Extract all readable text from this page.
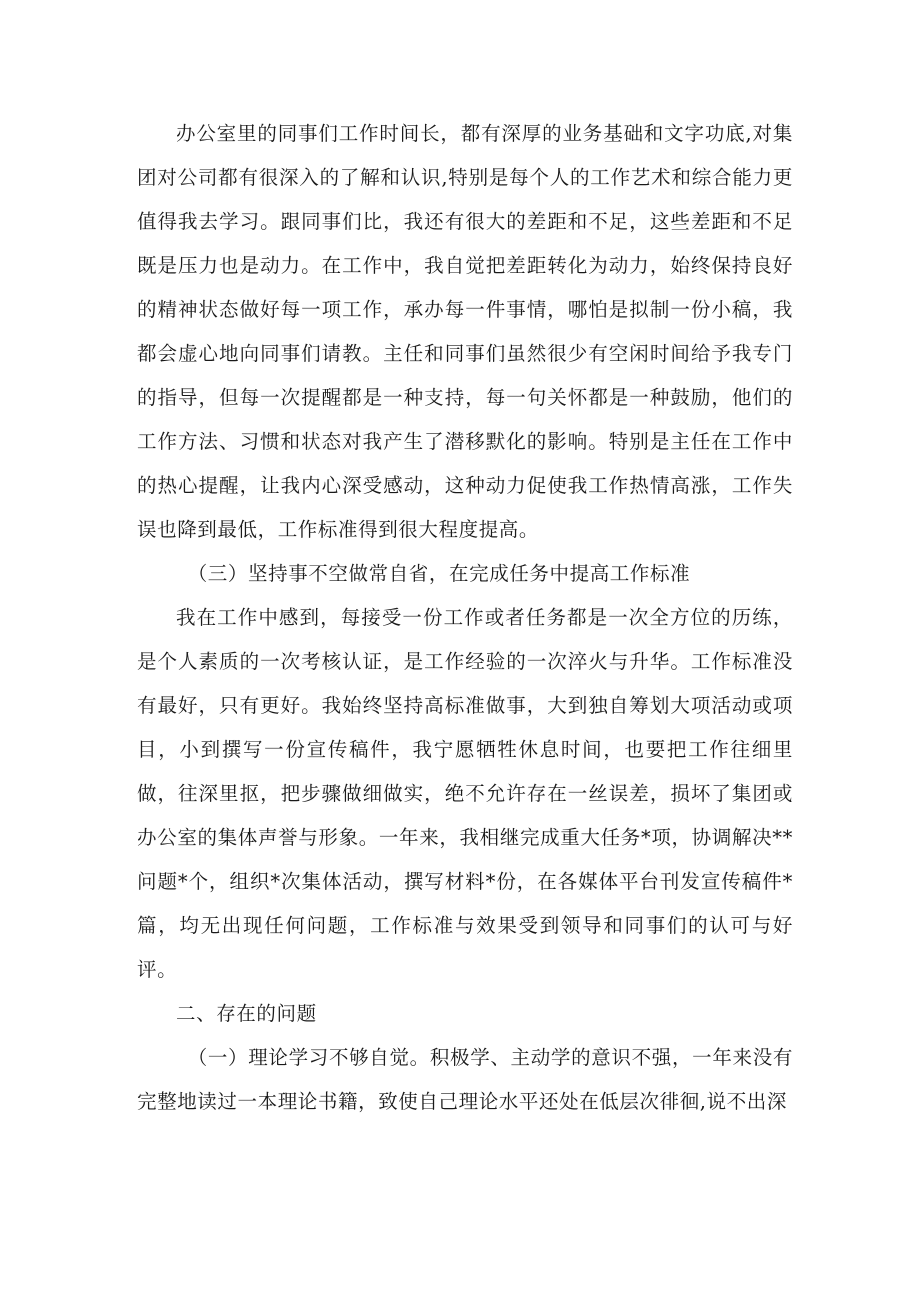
办公室里的同事们工作时间长，都有深厚的业务基础和文字功底,对集团对公司都有很深入的了解和认识,特别是每个人的工作艺术和综合能力更值得我去学习。跟同事们比，我还有很大的差距和不足，这些差距和不足既是压力也是动力。在工作中，我自觉把差距转化为动力，始终保持良好的精神状态做好每一项工作，承办每一件事情，哪怕是拟制一份小稿，我都会虚心地向同事们请教。主任和同事们虽然很少有空闲时间给予我专门的指导，但每一次提醒都是一种支持，每一句关怀都是一种鼓励，他们的工作方法、习惯和状态对我产生了潜移默化的影响。特别是主任在工作中的热心提醒，让我内心深受感动，这种动力促使我工作热情高涨，工作失误也降到最低，工作标准得到很大程度提高。

（三）坚持事不空做常自省，在完成任务中提高工作标准

我在工作中感到，每接受一份工作或者任务都是一次全方位的历练，是个人素质的一次考核认证，是工作经验的一次淬火与升华。工作标准没有最好，只有更好。我始终坚持高标准做事，大到独自筹划大项活动或项目，小到撰写一份宣传稿件，我宁愿牺牲休息时间，也要把工作往细里做，往深里抠，把步骤做细做实，绝不允许存在一丝误差，损坏了集团或办公室的集体声誉与形象。一年来，我相继完成重大任务*项，协调解决**问题*个，组织*次集体活动，撰写材料*份，在各媒体平台刊发宣传稿件*篇，均无出现任何问题，工作标准与效果受到领导和同事们的认可与好评。

二、存在的问题

（一）理论学习不够自觉。积极学、主动学的意识不强，一年来没有完整地读过一本理论书籍，致使自己理论水平还处在低层次徘徊,说不出深
